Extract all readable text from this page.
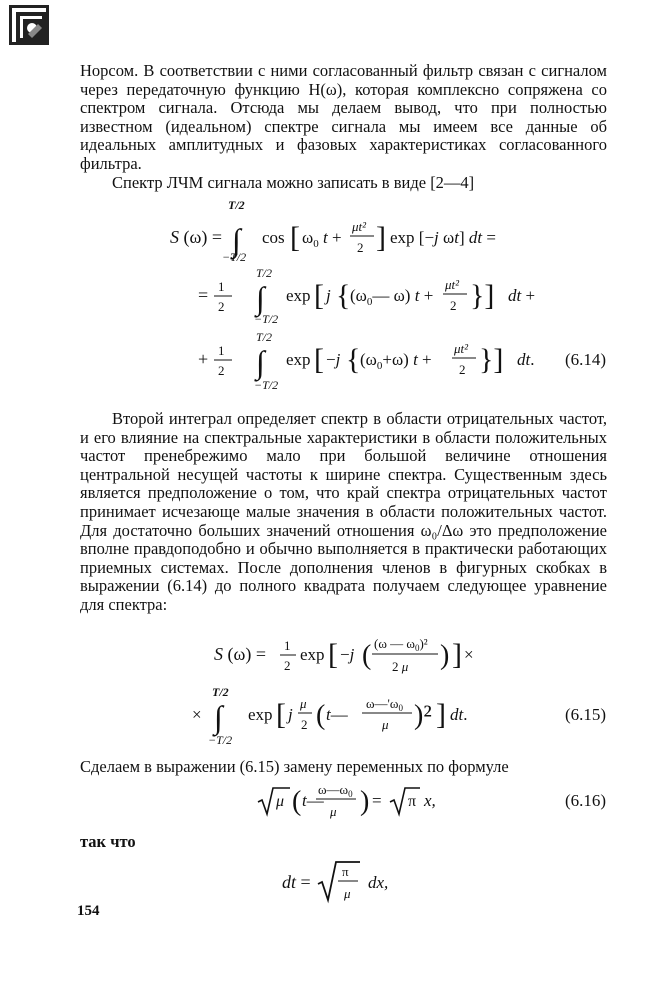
Норсом. В соответствии с ними согласованный фильтр связан с сигналом через передаточную функцию H(ω), которая комплексно сопряжена со спектром сигнала. Отсюда мы делаем вывод, что при полностью известном (идеальном) спектре сигнала мы имеем все данные об идеальных амплитудных и фазовых характеристиках согласованного фильтра.

Спектр ЛЧМ сигнала можно записать в виде [2—4]

T/2
S (ω) = ∫
−T/2
cos [ $\omega_0$ t +
μt²
2 ] exp [−j ωt] dt =
T/2
= 1
2 ∫
−T/2
exp [ j { ($\omega_0—$ ω) t +
μt²
2 }] dt +
T/2
+ 1
2 ∫
−T/2
exp [ −j { $(\omega_0+\omega) t$ +
μt²
2 }] dt. (6.14)

Второй интеграл определяет спектр в области отрицательных частот, и его влияние на спектральные характеристики в области положительных частот пренебрежимо мало при большой величине отношения центральной несущей частоты к ширине спектра. Существенным здесь является предположение о том, что край спектра отрицательных частот принимает исчезающе малые значения в области положительных частот. Для достаточно больших значений отношения ω₀/Δω это предположение вполне правдоподобно и обычно выполняется в практически работающих приемных системах. После дополнения членов в фигурных скобках в выражении (6.14) до полного квадрата получаем следующее уравнение для спектра:

S (ω) = 1
2
exp [ −j ( (ω — $\omega_0)^2$
2 μ ) ] ×
T/2
× ∫
−T/2
exp [ j
μ
2 ( t—
$\omega—'\omega_0$
μ )² ] dt.	(6.15)

Сделаем в выражении (6.15) замену переменных по формуле

μ ( t—
$\omega—\omega_0$
μ ) = π x,	(6.16)

так что

dt =
π
μ
dx,
154
